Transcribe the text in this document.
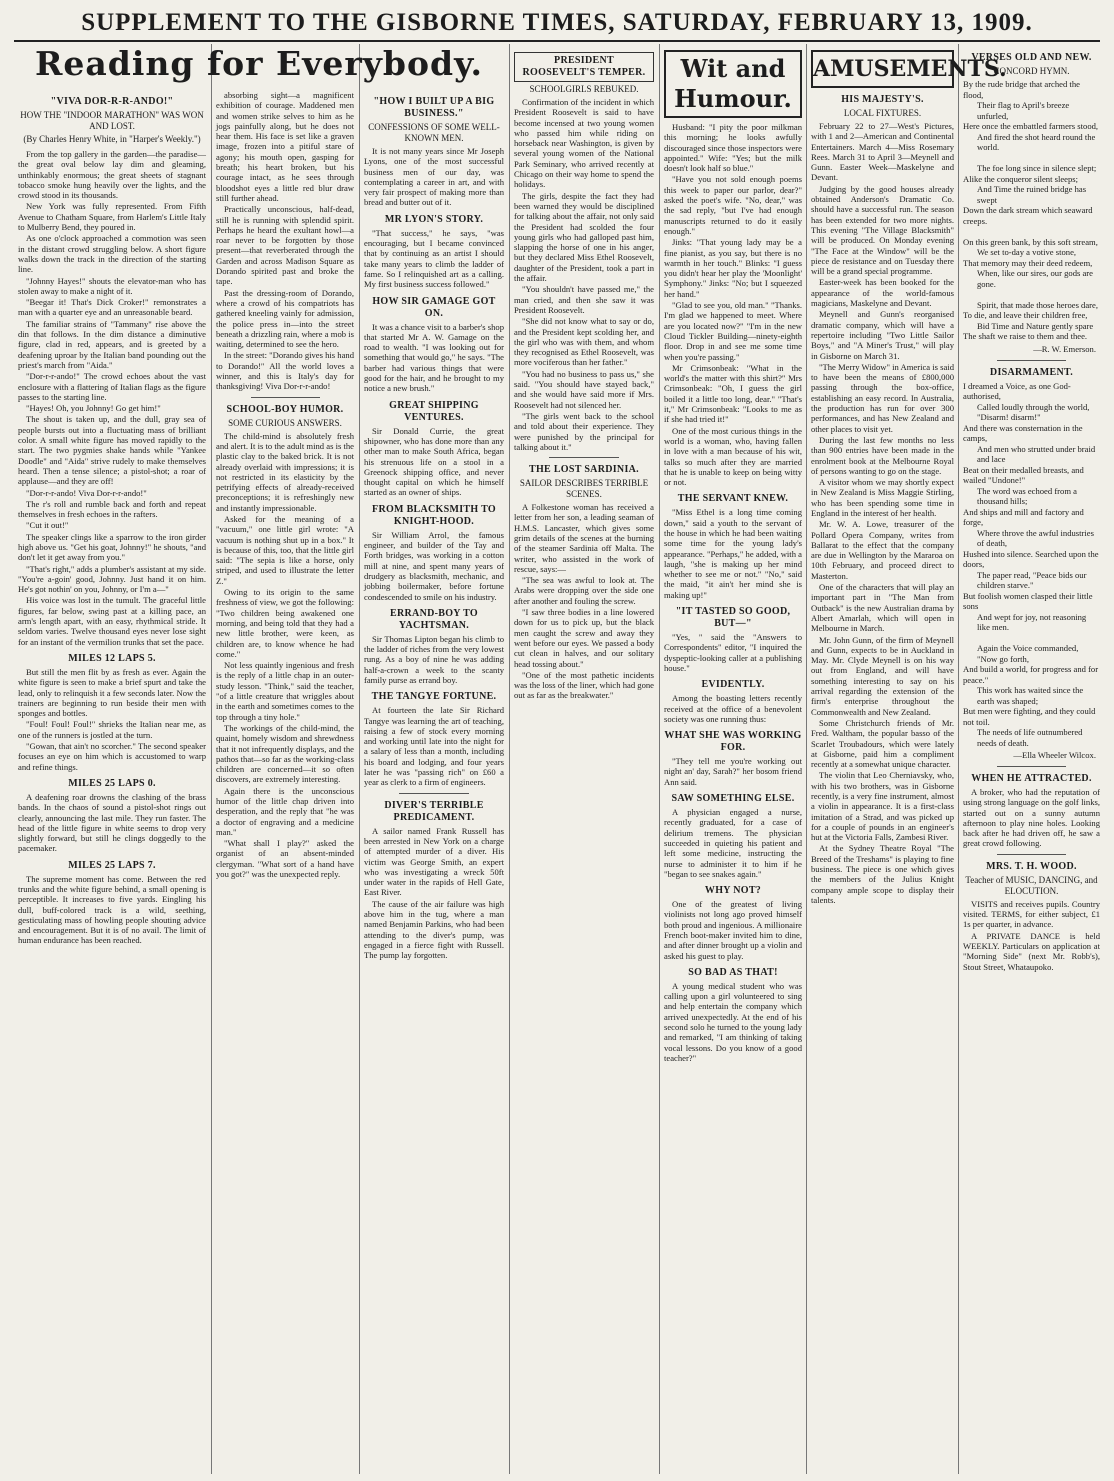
SUPPLEMENT TO THE GISBORNE TIMES, SATURDAY, FEBRUARY 13, 1909.
Reading for Everybody.
"VIVA DOR-R-R-ANDO!"
HOW THE "INDOOR MARATHON" WAS WON AND LOST.
(By Charles Henry White, in "Harper's Weekly.")

From the top gallery in the garden—the paradise—the great oval below lay dim and gleaming, unthinkably enormous; the great sheets of stagnant tobacco smoke hung heavily over the lights, and the crowd stood in its thousands.

New York was fully represented. From Fifth Avenue to Chatham Square, from Harlem's Little Italy to Mulberry Bend, they poured in.

As one o'clock approached a commotion was seen in the distant crowd struggling below. A short figure walks down the track in the direction of the starting line.

"Johnny Hayes!" shouts the elevator-man who has stolen away to make a night of it.

"Beegar it! That's Dick Croker!" remonstrates a man with a quarter eye and an unreasonable beard.

The familiar strains of "Tammany" rise above the din that follows. In the dim distance a diminutive figure, clad in red, appears, and is greeted by a deafening uproar by the Italian band pounding out the priest's march from "Aida."

"Dor-r-r-ando!" The crowd echoes about the vast enclosure with a flattering of Italian flags as the figure passes to the starting line.

"Hayes! Oh, you Johnny! Go get him!"

The shout is taken up, and the dull, gray sea of people bursts out into a fluctuating mass of brilliant color. A small white figure has moved rapidly to the start. The two pygmies shake hands while "Yankee Doodle" and "Aida" strive rudely to make themselves heard. Then a tense silence; a pistol-shot; a roar of applause—and they are off!

"Dor-r-r-ando! Viva Dor-r-r-ando!"

The r's roll and rumble back and forth and repeat themselves in fresh echoes in the rafters.

"Cut it out!"

The speaker clings like a sparrow to the iron girder high above us. "Get his goat, Johnny!" he shouts, "and don't let it get away from you."

"That's right," adds a plumber's assistant at my side. "You're a-goin' good, Johnny. Just hand it on him. He's got nothin' on you, Johnny, or I'm a—"

His voice was lost in the tumult. The graceful little figures, far below, swing past at a killing pace, an arm's length apart, with an easy, rhythmical stride. It seldom varies. Twelve thousand eyes never lose sight for an instant of the vermilion trunks that set the pace.

MILES 12 LAPS 5.

But still the men flit by as fresh as ever. Again the white figure is seen to make a brief spurt and take the lead, only to relinquish it a few seconds later. Now the trainers are beginning to run beside their men with sponges and bottles.

"Foul! Foul! Foul!" shrieks the Italian near me, as one of the runners is jostled at the turn.

"Gowan, that ain't no scorcher." The second speaker focuses an eye on him which is accustomed to warp and refine things.

MILES 25 LAPS 0.

A deafening roar drowns the clashing of the brass bands. In the chaos of sound a pistol-shot rings out clearly, announcing the last mile. They run faster. The head of the little figure in white seems to drop very slightly forward, but still he clings doggedly to the pacemaker.

MILES 25 LAPS 7.

The supreme moment has come. Between the red trunks and the white figure behind, a small opening is perceptible. It increases to five yards. Eingling his dull, buff-colored track is a wild, seething, gesticulating mass of howling people shouting advice and encouragement. But it is of no avail. The limit of human endurance has been reached.

absorbing sight—a magnificent exhibition of courage. Maddened men and women strike selves to him as he jogs painfully along, but he does not hear them. His face is set like a graven image, frozen into a pitiful stare of agony; his mouth open, gasping for breath; his heart broken, but his courage intact, as he sees through bloodshot eyes a little red blur draw still further ahead.

Practically unconscious, half-dead, still he is running with splendid spirit. Perhaps he heard the exultant howl—a roar never to be forgotten by those present—that reverberated through the Garden and across Madison Square as Dorando spirited past and broke the tape.

Past the dressing-room of Dorando, where a crowd of his compatriots has gathered kneeling vainly for admission, the police press in—into the street beneath a drizzling rain, where a mob is waiting, determined to see the hero.

In the street: "Dorando gives his hand to Dorando!" All the world loves a winner, and this is Italy's day for thanksgiving! Viva Dor-r-r-ando!

SCHOOL-BOY HUMOR.
SOME CURIOUS ANSWERS.

The child-mind is absolutely fresh and alert. It is to the adult mind as is the plastic clay to the baked brick. It is not already overlaid with impressions; it is not restricted in its elasticity by the petrifying effects of already-received preconceptions; it is refreshingly new and instantly impressionable.

Asked for the meaning of a "vacuum," one little girl wrote: "A vacuum is nothing shut up in a box." It is because of this, too, that the little girl said: "The sepia is like a horse, only striped, and used to illustrate the letter Z."

Owing to its origin to the same freshness of view, we got the following: "Two children being awakened one morning, and being told that they had a new little brother, were keen, as children are, to know whence he had come."

Not less quaintly ingenious and fresh is the reply of a little chap in an outer-study lesson. "Think," said the teacher, "of a little creature that wriggles about in the earth and sometimes comes to the top through a tiny hole."

The workings of the child-mind, the quaint, homely wisdom and shrewdness that it not infrequently displays, and the pathos that—so far as the working-class children are concerned—it so often discovers, are extremely interesting.

Again there is the unconscious humor of the little chap driven into desperation, and the reply that "he was a doctor of engraving and a medicine man."

"What shall I play?" asked the organist of an absent-minded clergyman. "What sort of a hand have you got?" was the unexpected reply.

"HOW I BUILT UP A BIG BUSINESS."
CONFESSIONS OF SOME WELL-KNOWN MEN.

It is not many years since Mr Joseph Lyons, one of the most successful business men of our day, was contemplating a career in art, and with very fair prospect of making more than bread and butter out of it.

MR LYON'S STORY.

"That success," he says, "was encouraging, but I became convinced that by continuing as an artist I should take many years to climb the ladder of fame. So I relinquished art as a calling. My first business success followed."

HOW SIR GAMAGE GOT ON.

It was a chance visit to a barber's shop that started Mr A. W. Gamage on the road to wealth. "I was looking out for something that would go," he says. "The barber had various things that were good for the hair, and he brought to my notice a new brush."

GREAT SHIPPING VENTURES.

Sir Donald Currie, the great shipowner, who has done more than any other man to make South Africa, began his strenuous life on a stool in a Greenock shipping office, and never thought capital on which he himself started as an owner of ships.

FROM BLACKSMITH TO KNIGHT-HOOD.

Sir William Arrol, the famous engineer, and builder of the Tay and Forth bridges, was working in a cotton mill at nine, and spent many years of drudgery as blacksmith, mechanic, and jobbing boilermaker, before fortune condescended to smile on his industry.

ERRAND-BOY TO YACHTSMAN.

Sir Thomas Lipton began his climb to the ladder of riches from the very lowest rung. As a boy of nine he was adding half-a-crown a week to the scanty family purse as errand boy.

THE TANGYE FORTUNE.

At fourteen the late Sir Richard Tangye was learning the art of teaching, raising a few of stock every morning and working until late into the night for a salary of less than a month, including his board and lodging, and four years later he was "passing rich" on £60 a year as clerk to a firm of engineers.

DIVER'S TERRIBLE PREDICAMENT.

A sailor named Frank Russell has been arrested in New York on a charge of attempted murder of a diver. His victim was George Smith, an expert who was investigating a wreck 50ft under water in the rapids of Hell Gate, East River.

The cause of the air failure was high above him in the tug, where a man named Benjamin Parkins, who had been attending to the diver's pump, was engaged in a fierce fight with Russell. The pump lay forgotten.

PRESIDENT ROOSEVELT'S TEMPER.
SCHOOLGIRLS REBUKED.

Confirmation of the incident in which President Roosevelt is said to have become incensed at two young women who passed him while riding on horseback near Washington, is given by several young women of the National Park Seminary, who arrived recently at Chicago on their way home to spend the holidays.

The girls, despite the fact they had been warned they would be disciplined for talking about the affair, not only said the President had scolded the four young girls who had galloped past him, slapping the horse of one in his anger, but they declared Miss Ethel Roosevelt, daughter of the President, took a part in the affair.

"You shouldn't have passed me," the man cried, and then she saw it was President Roosevelt.

"She did not know what to say or do, and the President kept scolding her, and the girl who was with them, and whom they recognised as Ethel Roosevelt, was more vociferous than her father."

"You had no business to pass us," she said. "You should have stayed back," and she would have said more if Mrs. Roosevelt had not silenced her.

"The girls went back to the school and told about their experience. They were punished by the principal for talking about it."

THE LOST SARDINIA.
SAILOR DESCRIBES TERRIBLE SCENES.

A Folkestone woman has received a letter from her son, a leading seaman of H.M.S. Lancaster, which gives some grim details of the scenes at the burning of the steamer Sardinia off Malta. The writer, who assisted in the work of rescue, says:—

"The sea was awful to look at. The Arabs were dropping over the side one after another and fouling the screw.

"I saw three bodies in a line lowered down for us to pick up, but the black men caught the screw and away they went before our eyes. We passed a body cut clean in halves, and our solitary head tossing about."

"One of the most pathetic incidents was the loss of the liner, which had gone out as far as the breakwater."

Wit and Humour.

Husband: "I pity the poor milkman this morning; he looks awfully discouraged since those inspectors were appointed." Wife: "Yes; but the milk doesn't look half so blue."

"Have you not sold enough poems this week to paper our parlor, dear?" asked the poet's wife. "No, dear," was the sad reply, "but I've had enough manuscripts returned to do it easily enough."

Jinks: "That young lady may be a fine pianist, as you say, but there is no warmth in her touch." Blinks: "I guess you didn't hear her play the 'Moonlight' Symphony." Jinks: "No; but I squeezed her hand."

"Glad to see you, old man." "Thanks. I'm glad we happened to meet. Where are you located now?" "I'm in the new Cloud Tickler Building—ninety-eighth floor. Drop in and see me some time when you're passing."

Mr Crimsonbeak: "What in the world's the matter with this shirt?" Mrs Crimsonbeak: "Oh, I guess the girl boiled it a little too long, dear." "That's it," Mr Crimsonbeak: "Looks to me as if she had tried it!"

One of the most curious things in the world is a woman, who, having fallen in love with a man because of his wit, talks so much after they are married that he is unable to keep on being witty or not.

THE SERVANT KNEW.

"Miss Ethel is a long time coming down," said a youth to the servant of the house in which he had been waiting some time for the young lady's appearance. "Perhaps," he added, with a laugh, "she is making up her mind whether to see me or not." "No," said the maid, "it ain't her mind she is making up!"

"IT TASTED SO GOOD, BUT—"

"Yes, " said the "Answers to Correspondents" editor, "I inquired the dyspeptic-looking caller at a publishing house."

EVIDENTLY.

Among the boasting letters recently received at the office of a benevolent society was one running thus:

WHAT SHE WAS WORKING FOR.

"They tell me you're working out night an' day, Sarah?" her bosom friend Ann said.

SAW SOMETHING ELSE.

A physician engaged a nurse, recently graduated, for a case of delirium tremens. The physician succeeded in quieting his patient and left some medicine, instructing the nurse to administer it to him if he "began to see snakes again."

WHY NOT?

One of the greatest of living violinists not long ago proved himself both proud and ingenious. A millionaire French boot-maker invited him to dine, and after dinner brought up a violin and asked his guest to play.

SO BAD AS THAT!

A young medical student who was calling upon a girl volunteered to sing and help entertain the company which arrived unexpectedly. At the end of his second solo he turned to the young lady and remarked, "I am thinking of taking vocal lessons. Do you know of a good teacher?"

AMUSEMENTS.
HIS MAJESTY'S.
LOCAL FIXTURES.

February 22 to 27—West's Pictures, with 1 and 2—American and Continental Entertainers. March 4—Miss Rosemary Rees. March 31 to April 3—Meynell and Gunn. Easter Week—Maskelyne and Devant.

Judging by the good houses already obtained Anderson's Dramatic Co. should have a successful run. The season has been extended for two more nights. This evening "The Village Blacksmith" will be produced. On Monday evening "The Face at the Window" will be the piece de resistance and on Tuesday there will be a grand special programme.

Easter-week has been booked for the appearance of the world-famous magicians, Maskelyne and Devant.

Meynell and Gunn's reorganised dramatic company, which will have a repertoire including "Two Little Sailor Boys," and "A Miner's Trust," will play in Gisborne on March 31.

"The Merry Widow" in America is said to have been the means of £800,000 passing through the box-office, establishing an easy record. In Australia, the production has run for over 300 performances, and has New Zealand and other places to visit yet.

During the last few months no less than 900 entries have been made in the enrolment book at the Melbourne Royal of persons wanting to go on the stage.

A visitor whom we may shortly expect in New Zealand is Miss Maggie Stirling, who has been spending some time in England in the interest of her health.

Mr. W. A. Lowe, treasurer of the Pollard Opera Company, writes from Ballarat to the effect that the company are due in Wellington by the Mararoa on 10th February, and proceed direct to Masterton.

One of the characters that will play an important part in "The Man from Outback" is the new Australian drama by Albert Amarlah, which will open in Melbourne in March.

Mr. John Gunn, of the firm of Meynell and Gunn, expects to be in Auckland in May. Mr. Clyde Meynell is on his way out from England, and will have something interesting to say on his arrival regarding the extension of the firm's enterprise throughout the Commonwealth and New Zealand.

Some Christchurch friends of Mr. Fred. Waltham, the popular basso of the Scarlet Troubadours, which were lately at Gisborne, paid him a compliment recently at a somewhat unique character.

The violin that Leo Cherniavsky, who, with his two brothers, was in Gisborne recently, is a very fine instrument, almost a violin in appearance. It is a first-class imitation of a Strad, and was picked up for a couple of pounds in an engineer's hut at the Victoria Falls, Zambesi River.

At the Sydney Theatre Royal "The Breed of the Treshams" is playing to fine business. The piece is one which gives the members of the Julius Knight company ample scope to display their talents.

VERSES OLD AND NEW.
CONCORD HYMN.

By the rude bridge that arched the flood,

Their flag to April's breeze unfurled,

Here once the embattled farmers stood,

And fired the shot heard round the world.

The foe long since in silence slept;

Alike the conqueror silent sleeps;

And Time the ruined bridge has swept

Down the dark stream which seaward creeps.

On this green bank, by this soft stream,

We set to-day a votive stone,

That memory may their deed redeem,

When, like our sires, our gods are gone.

Spirit, that made those heroes dare,

To die, and leave their children free,

Bid Time and Nature gently spare

The shaft we raise to them and thee.

—R. W. Emerson.
DISARMAMENT.

I dreamed a Voice, as one God-authorised,

Called loudly through the world, "Disarm! disarm!"

And there was consternation in the camps,

And men who strutted under braid and lace

Beat on their medalled breasts, and wailed "Undone!"

The word was echoed from a thousand hills;

And ships and mill and factory and forge,

Where throve the awful industries of death,

Hushed into silence. Searched upon the doors,

The paper read, "Peace bids our children starve."

But foolish women clasped their little sons

And wept for joy, not reasoning like men.

Again the Voice commanded, "Now go forth,

And build a world, for progress and for peace."

This work has waited since the earth was shaped;

But men were fighting, and they could not toil.

The needs of life outnumbered needs of death.

—Ella Wheeler Wilcox.
WHEN HE ATTRACTED.

A broker, who had the reputation of using strong language on the golf links, started out on a sunny autumn afternoon to play nine holes. Looking back after he had driven off, he saw a great crowd following.

MRS. T. H. WOOD.
Teacher of MUSIC, DANCING, and ELOCUTION.

VISITS and receives pupils. Country visited. TERMS, for either subject, £1 1s per quarter, in advance.

A PRIVATE DANCE is held WEEKLY. Particulars on application at "Morning Side" (next Mr. Robb's), Stout Street, Whataupoko.
